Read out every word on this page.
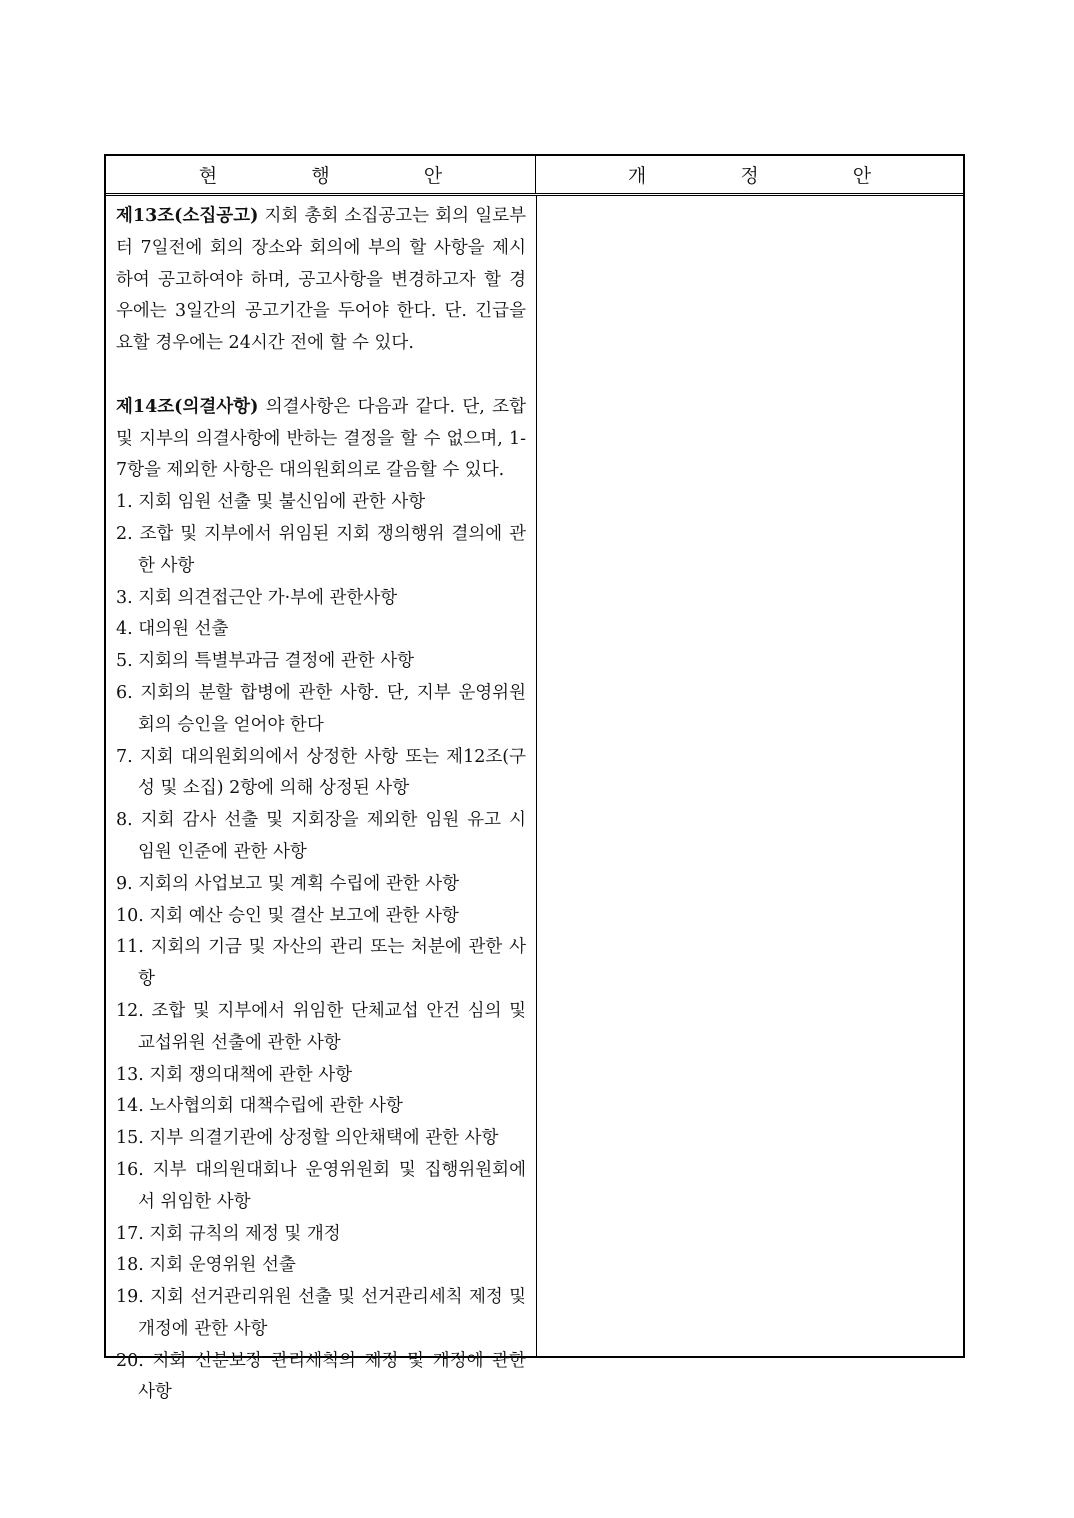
현 행 안	개 정 안
제13조(소집공고) 지회 총회 소집공고는 회의 일로부터 7일전에 회의 장소와 회의에 부의 할 사항을 제시하여 공고하여야 하며, 공고사항을 변경하고자 할 경우에는 3일간의 공고기간을 두어야 한다. 단. 긴급을 요할 경우에는 24시간 전에 할 수 있다.
제14조(의결사항) 의결사항은 다음과 같다. 단, 조합 및 지부의 의결사항에 반하는 결정을 할 수 없으며, 1-7항을 제외한 사항은 대의원회의로 갈음할 수 있다.
1. 지회 임원 선출 및 불신임에 관한 사항
2. 조합 및 지부에서 위임된 지회 쟁의행위 결의에 관한 사항
3. 지회 의견접근안 가·부에 관한사항
4. 대의원 선출
5. 지회의 특별부과금 결정에 관한 사항
6. 지회의 분할 합병에 관한 사항. 단, 지부 운영위원회의 승인을 얻어야 한다
7. 지회 대의원회의에서 상정한 사항 또는 제12조(구성 및 소집) 2항에 의해 상정된 사항
8. 지회 감사 선출 및 지회장을 제외한 임원 유고 시 임원 인준에 관한 사항
9. 지회의 사업보고 및 계획 수립에 관한 사항
10. 지회 예산 승인 및 결산 보고에 관한 사항
11. 지회의 기금 및 자산의 관리 또는 처분에 관한 사항
12. 조합 및 지부에서 위임한 단체교섭 안건 심의 및 교섭위원 선출에 관한 사항
13. 지회 쟁의대책에 관한 사항
14. 노사협의회 대책수립에 관한 사항
15. 지부 의결기관에 상정할 의안채택에 관한 사항
16. 지부 대의원대회나 운영위원회 및 집행위원회에서 위임한 사항
17. 지회 규칙의 제정 및 개정
18. 지회 운영위원 선출
19. 지회 선거관리위원 선출 및 선거관리세칙 제정 및 개정에 관한 사항
20. 지회 신분보장 관리세칙의 제정 및 개정에 관한 사항
